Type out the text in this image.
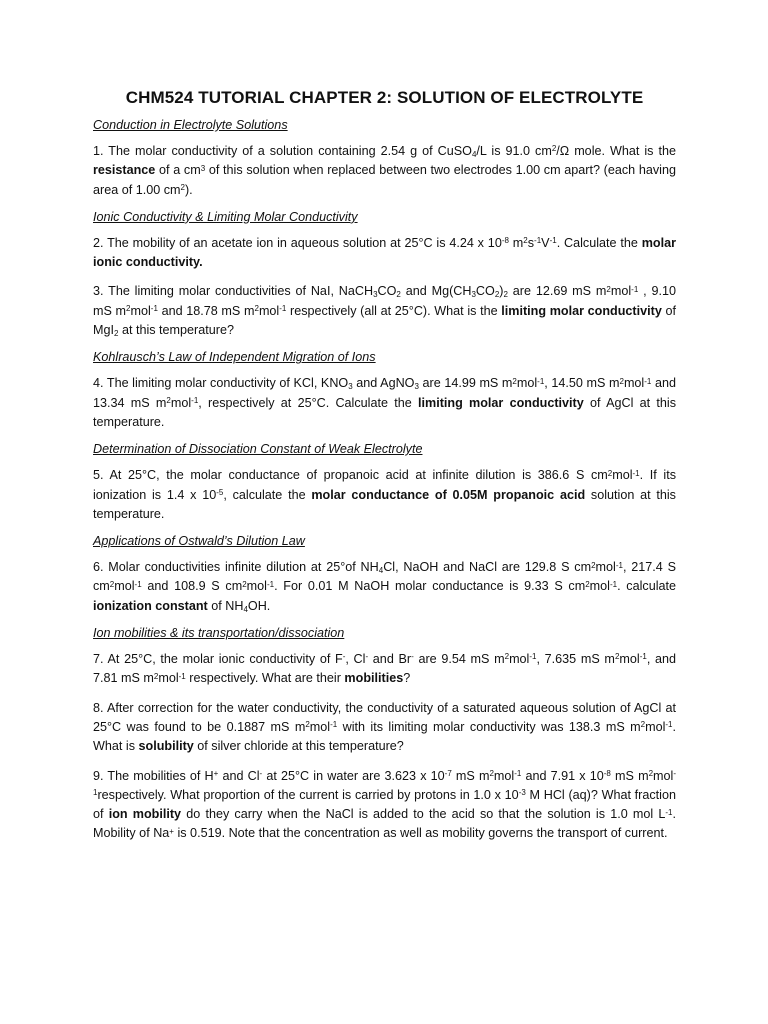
CHM524 TUTORIAL CHAPTER 2: SOLUTION OF ELECTROLYTE
Conduction in Electrolyte Solutions
1. The molar conductivity of a solution containing 2.54 g of CuSO$_4$/L is 91.0 $cm^2/\Omega$ mole. What is the resistance of a $cm^3$ of this solution when replaced between two electrodes 1.00 cm apart? (each having area of 1.00 $cm^2$).
Ionic Conductivity & Limiting Molar Conductivity
2. The mobility of an acetate ion in aqueous solution at 25°C is 4.24 x $10^{-8}$ $m^2s^{-1}V^{-1}$. Calculate the molar ionic conductivity.
3. The limiting molar conductivities of NaI, $NaCH_3CO_2$ and $Mg(CH_3CO_2)_2$ are 12.69 mS $m^2mol^{-1}$ , 9.10 mS $m^2mol^{-1}$ and 18.78 mS $m^2mol^{-1}$ respectively (all at 25°C). What is the limiting molar conductivity of MgI$_2$ at this temperature?
Kohlrausch’s Law of Independent Migration of Ions
4. The limiting molar conductivity of KCl, $KNO_3$ and AgNO$_3$ are 14.99 mS $m^2mol^{-1}$, 14.50 mS $m^2mol^{-1}$ and 13.34 mS $m^2mol^{-1}$, respectively at 25°C. Calculate the limiting molar conductivity of AgCl at this temperature.
Determination of Dissociation Constant of Weak Electrolyte
5. At 25°C, the molar conductance of propanoic acid at infinite dilution is 386.6 S $cm^2mol^{-1}$. If its ionization is 1.4 x $10^{-5}$, calculate the molar conductance of 0.05M propanoic acid solution at this temperature.
Applications of Ostwald’s Dilution Law
6. Molar conductivities infinite dilution at 25°of $NH_4Cl$, NaOH and NaCl are 129.8 S $cm^2mol^{-1}$, 217.4 S $cm^2mol^{-1}$ and 108.9 S $cm^2mol^{-1}$. For 0.01 M NaOH molar conductance is 9.33 S $cm^2mol^{-1}$. calculate ionization constant of $NH_4OH$.
Ion mobilities & its transportation/dissociation
7. At 25°C, the molar ionic conductivity of F-, Cl- and Br- are 9.54 mS $m^2mol^{-1}$, 7.635 mS $m^2mol^{-1}$, and 7.81 mS $m^2mol^{-1}$ respectively. What are their mobilities?
8. After correction for the water conductivity, the conductivity of a saturated aqueous solution of AgCl at 25°C was found to be 0.1887 mS $m^2mol^{-1}$ with its limiting molar conductivity was 138.3 mS $m^2mol^{-1}$. What is solubility of silver chloride at this temperature?
9. The mobilities of H+ and Cl- at 25°C in water are 3.623 x $10^{-7}$ mS $m^2mol^{-1}$ and 7.91 x $10^{-8}$ mS $m^2mol^{-1}respectively$. What proportion of the current is carried by protons in 1.0 x $10^{-3}$ M HCl (aq)? What fraction of ion mobility do they carry when the NaCl is added to the acid so that the solution is 1.0 mol $L^{-1}$. Mobility of Na+ is 0.519. Note that the concentration as well as mobility governs the transport of current.
